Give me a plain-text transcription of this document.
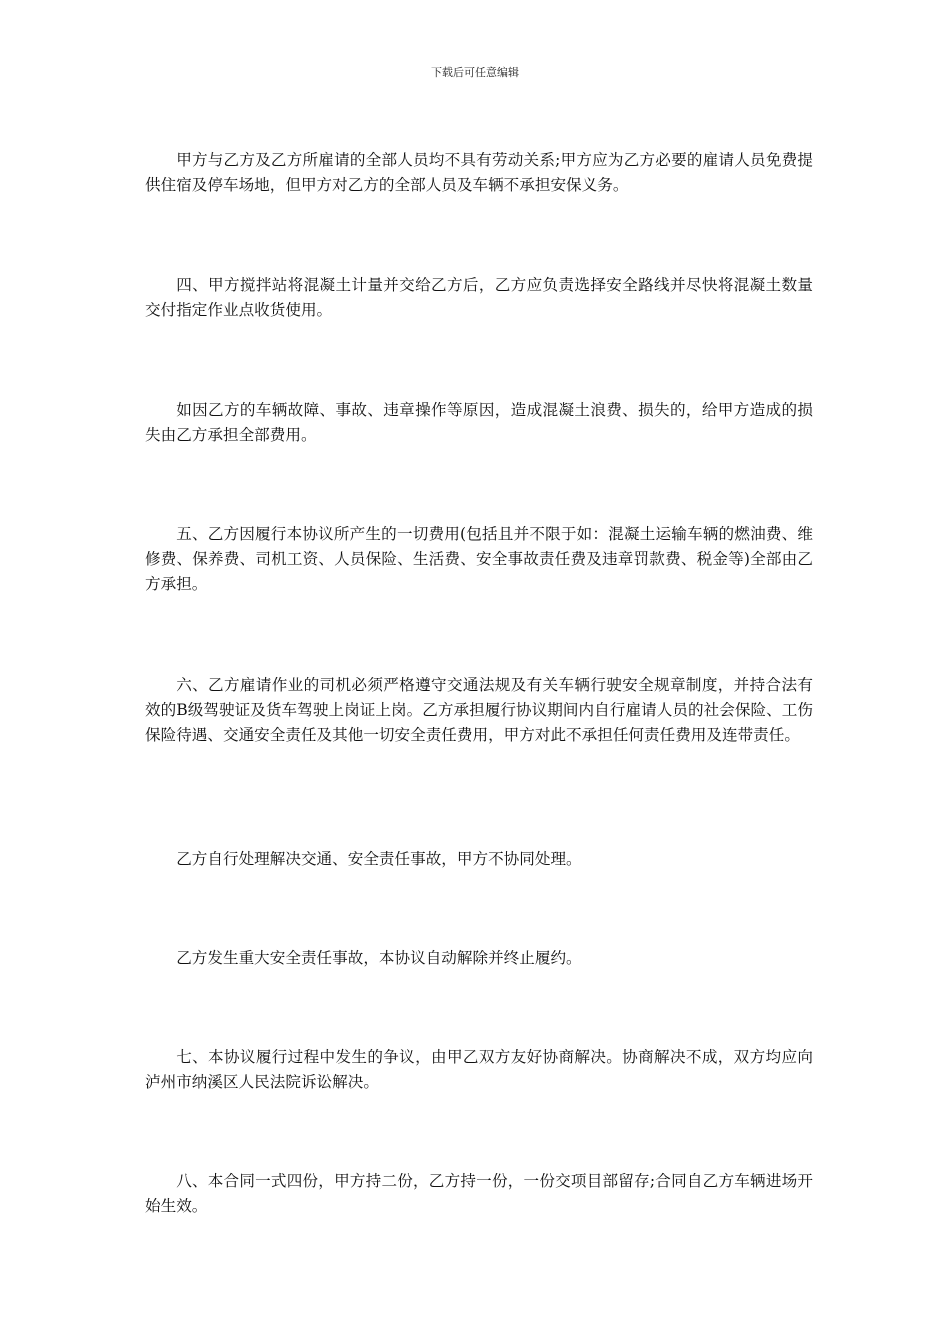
下载后可任意编辑

甲方与乙方及乙方所雇请的全部人员均不具有劳动关系;甲方应为乙方必要的雇请人员免费提供住宿及停车场地，但甲方对乙方的全部人员及车辆不承担安保义务。

四、甲方搅拌站将混凝土计量并交给乙方后，乙方应负责选择安全路线并尽快将混凝土数量交付指定作业点收货使用。

如因乙方的车辆故障、事故、违章操作等原因，造成混凝土浪费、损失的，给甲方造成的损失由乙方承担全部费用。

五、乙方因履行本协议所产生的一切费用(包括且并不限于如：混凝土运输车辆的燃油费、维修费、保养费、司机工资、人员保险、生活费、安全事故责任费及违章罚款费、税金等)全部由乙方承担。

六、乙方雇请作业的司机必须严格遵守交通法规及有关车辆行驶安全规章制度，并持合法有效的B级驾驶证及货车驾驶上岗证上岗。乙方承担履行协议期间内自行雇请人员的社会保险、工伤保险待遇、交通安全责任及其他一切安全责任费用，甲方对此不承担任何责任费用及连带责任。

乙方自行处理解决交通、安全责任事故，甲方不协同处理。

乙方发生重大安全责任事故，本协议自动解除并终止履约。

七、本协议履行过程中发生的争议，由甲乙双方友好协商解决。协商解决不成，双方均应向泸州市纳溪区人民法院诉讼解决。

八、本合同一式四份，甲方持二份，乙方持一份，一份交项目部留存;合同自乙方车辆进场开始生效。
